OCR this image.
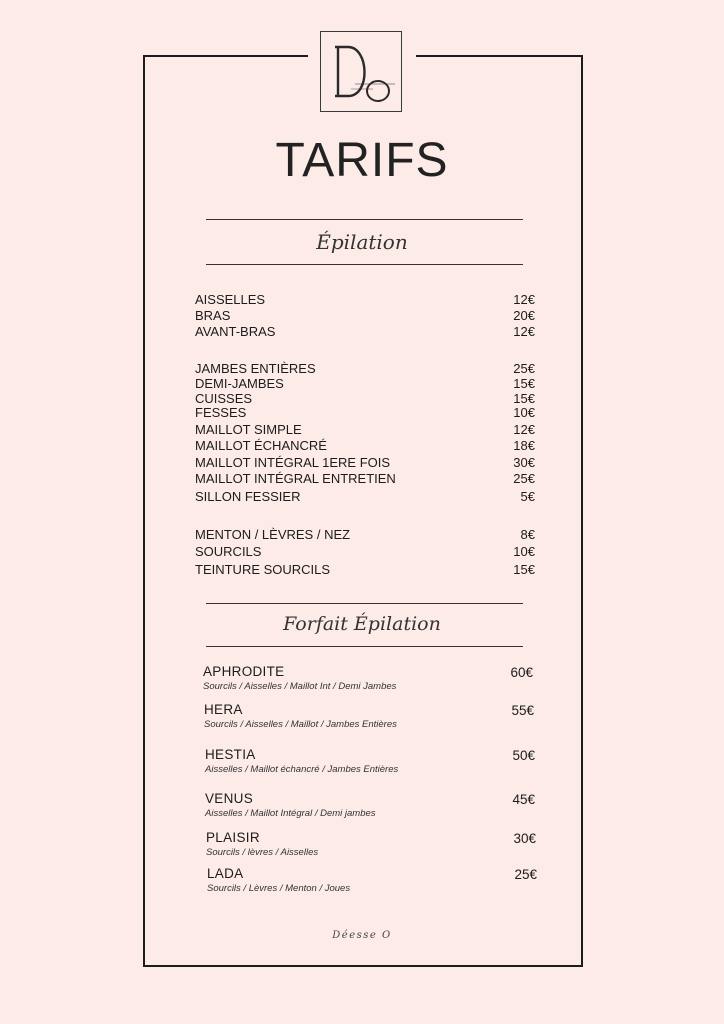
TARIFS
Épilation
AISSELLES	12€
BRAS	20€
AVANT-BRAS	12€
JAMBES ENTIÈRES	25€
DEMI-JAMBES	15€
CUISSES	15€
FESSES	10€
MAILLOT SIMPLE	12€
MAILLOT ÉCHANCRÉ	18€
MAILLOT INTÉGRAL 1ERE FOIS	30€
MAILLOT INTÉGRAL ENTRETIEN	25€
SILLON FESSIER	5€
MENTON / LÈVRES / NEZ	8€
SOURCILS	10€
TEINTURE SOURCILS	15€
Forfait Épilation
APHRODITE
Sourcils / Aisselles / Maillot Int / Demi Jambes
60€
HERA
Sourcils / Aisselles / Maillot / Jambes Entières
55€
HESTIA
Aisselles / Maillot échancré / Jambes Entières
50€
VENUS
Aisselles / Maillot Intégral / Demi jambes
45€
PLAISIR
Sourcils / lèvres / Aisselles
30€
LADA
Sourcils / Lèvres / Menton / Joues
25€
Déesse O
